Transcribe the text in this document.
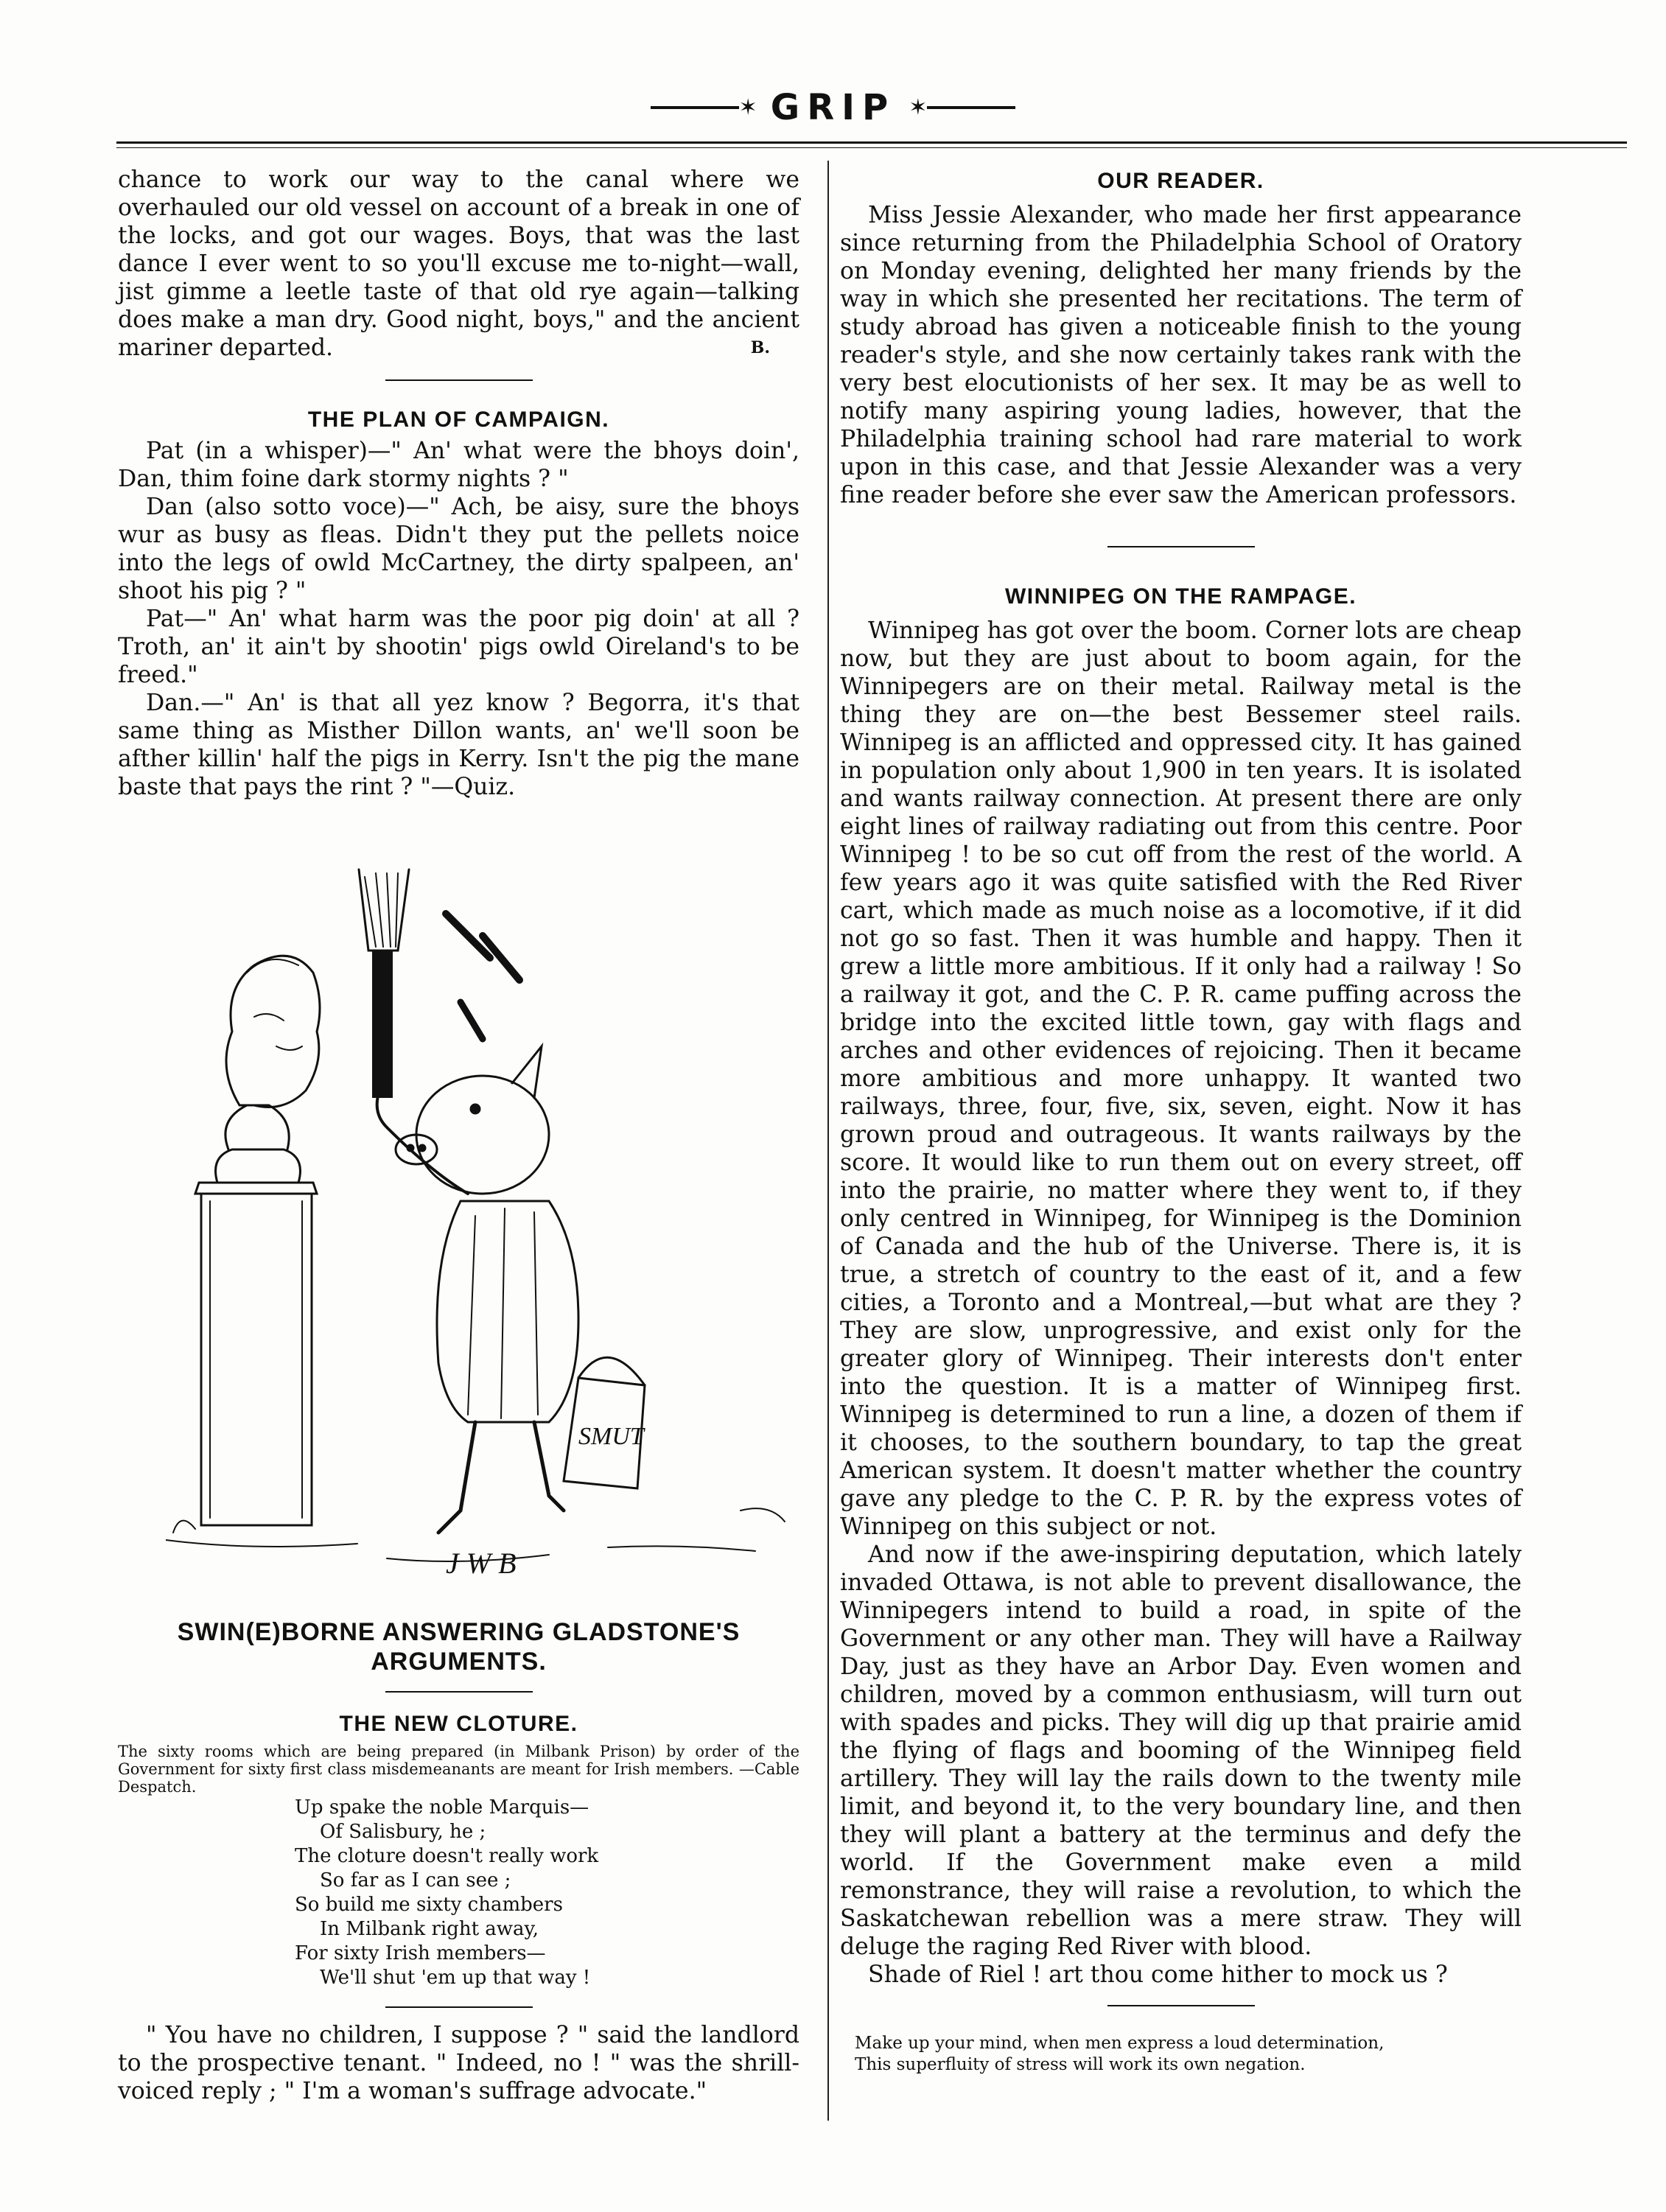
✶ GRIP ✶

chance to work our way to the canal where we overhauled our old vessel on account of a break in one of the locks, and got our wages. Boys, that was the last dance I ever went to so you'll excuse me to-night—wall, jist gimme a leetle taste of that old rye again—talking does make a man dry. Good night, boys," and the ancient mariner departed.	B.

THE PLAN OF CAMPAIGN.

Pat (in a whisper)—" An' what were the bhoys doin', Dan, thim foine dark stormy nights ? "

Dan (also sotto voce)—" Ach, be aisy, sure the bhoys wur as busy as fleas. Didn't they put the pellets noice into the legs of owld McCartney, the dirty spalpeen, an' shoot his pig ? "

Pat—" An' what harm was the poor pig doin' at all ? Troth, an' it ain't by shootin' pigs owld Oireland's to be freed."

Dan.—" An' is that all yez know ? Begorra, it's that same thing as Misther Dillon wants, an' we'll soon be afther killin' half the pigs in Kerry. Isn't the pig the mane baste that pays the rint ? "—Quiz.

SMUT
J W B
SWIN(E)BORNE ANSWERING GLADSTONE'S
ARGUMENTS.
THE NEW CLOTURE.
The sixty rooms which are being prepared (in Milbank Prison) by order of the Government for sixty first class misdemeanants are meant for Irish members. —Cable Despatch.
Up spake the noble Marquis—
Of Salisbury, he ;
The cloture doesn't really work
So far as I can see ;
So build me sixty chambers
In Milbank right away,
For sixty Irish members—
We'll shut 'em up that way !

" You have no children, I suppose ? " said the landlord to the prospective tenant. " Indeed, no ! " was the shrill-voiced reply ; " I'm a woman's suffrage advocate."

OUR READER.

Miss Jessie Alexander, who made her first appearance since returning from the Philadelphia School of Oratory on Monday evening, delighted her many friends by the way in which she presented her recitations. The term of study abroad has given a noticeable finish to the young reader's style, and she now certainly takes rank with the very best elocutionists of her sex. It may be as well to notify many aspiring young ladies, however, that the Philadelphia training school had rare material to work upon in this case, and that Jessie Alexander was a very fine reader before she ever saw the American professors.

WINNIPEG ON THE RAMPAGE.

Winnipeg has got over the boom. Corner lots are cheap now, but they are just about to boom again, for the Winnipegers are on their metal. Railway metal is the thing they are on—the best Bessemer steel rails. Winnipeg is an afflicted and oppressed city. It has gained in population only about 1,900 in ten years. It is isolated and wants railway connection. At present there are only eight lines of railway radiating out from this centre. Poor Winnipeg ! to be so cut off from the rest of the world. A few years ago it was quite satisfied with the Red River cart, which made as much noise as a locomotive, if it did not go so fast. Then it was humble and happy. Then it grew a little more ambitious. If it only had a railway ! So a railway it got, and the C. P. R. came puffing across the bridge into the excited little town, gay with flags and arches and other evidences of rejoicing. Then it became more ambitious and more unhappy. It wanted two railways, three, four, five, six, seven, eight. Now it has grown proud and outrageous. It wants railways by the score. It would like to run them out on every street, off into the prairie, no matter where they went to, if they only centred in Winnipeg, for Winnipeg is the Dominion of Canada and the hub of the Universe. There is, it is true, a stretch of country to the east of it, and a few cities, a Toronto and a Montreal,—but what are they ? They are slow, unprogressive, and exist only for the greater glory of Winnipeg. Their interests don't enter into the question. It is a matter of Winnipeg first. Winnipeg is determined to run a line, a dozen of them if it chooses, to the southern boundary, to tap the great American system. It doesn't matter whether the country gave any pledge to the C. P. R. by the express votes of Winnipeg on this subject or not.

And now if the awe-inspiring deputation, which lately invaded Ottawa, is not able to prevent disallowance, the Winnipegers intend to build a road, in spite of the Government or any other man. They will have a Railway Day, just as they have an Arbor Day. Even women and children, moved by a common enthusiasm, will turn out with spades and picks. They will dig up that prairie amid the flying of flags and booming of the Winnipeg field artillery. They will lay the rails down to the twenty mile limit, and beyond it, to the very boundary line, and then they will plant a battery at the terminus and defy the world. If the Government make even a mild remonstrance, they will raise a revolution, to which the Saskatchewan rebellion was a mere straw. They will deluge the raging Red River with blood.

Shade of Riel ! art thou come hither to mock us ?

Make up your mind, when men express a loud determination,
This superfluity of stress will work its own negation.
